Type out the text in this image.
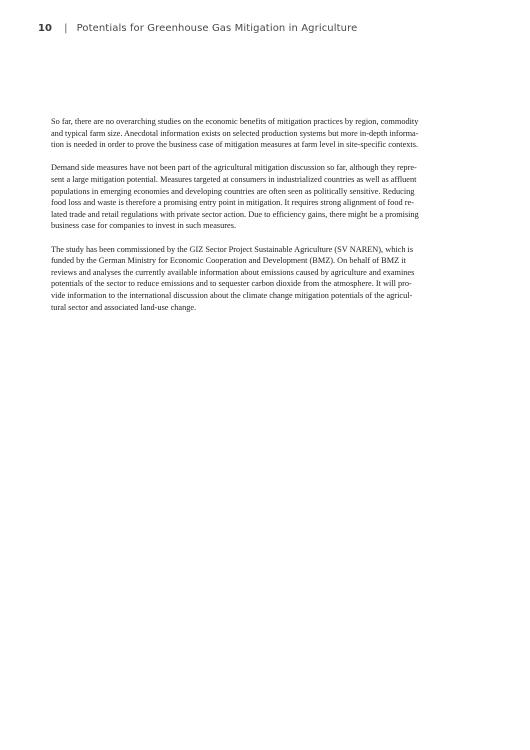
10 | Potentials for Greenhouse Gas Mitigation in Agriculture

So far, there are no overarching studies on the economic benefits of mitigation practices by region, commodity
and typical farm size. Anecdotal information exists on selected production systems but more in-depth informa-
tion is needed in order to prove the business case of mitigation measures at farm level in site-specific contexts.

Demand side measures have not been part of the agricultural mitigation discussion so far, although they repre-
sent a large mitigation potential. Measures targeted at consumers in industrialized countries as well as affluent
populations in emerging economies and developing countries are often seen as politically sensitive. Reducing
food loss and waste is therefore a promising entry point in mitigation. It requires strong alignment of food re-
lated trade and retail regulations with private sector action. Due to efficiency gains, there might be a promising
business case for companies to invest in such measures.

The study has been commissioned by the GIZ Sector Project Sustainable Agriculture (SV NAREN), which is
funded by the German Ministry for Economic Cooperation and Development (BMZ). On behalf of BMZ it
reviews and analyses the currently available information about emissions caused by agriculture and examines
potentials of the sector to reduce emissions and to sequester carbon dioxide from the atmosphere. It will pro-
vide information to the international discussion about the climate change mitigation potentials of the agricul-
tural sector and associated land-use change.
